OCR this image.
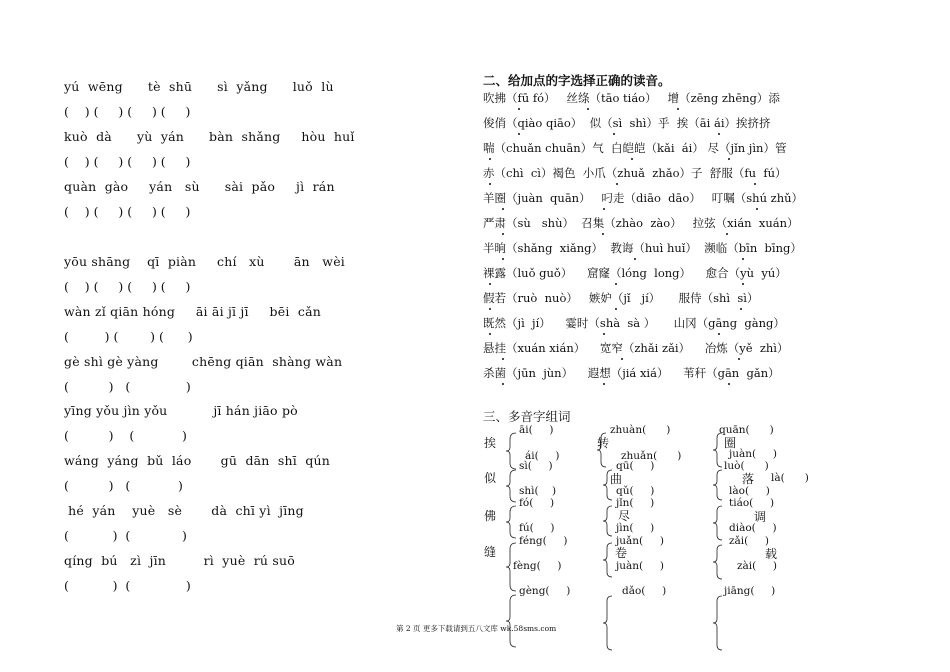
yú  wēng      tè  shū      sì  yǎng      luǒ  lù
(    ) (     ) (     ) (     )
kuò  dà      yù  yán      bàn  shǎng     hòu  huǐ
(    ) (     ) (     ) (     )
quàn  gào     yán   sù      sài  pǎo     jì  rán
(    ) (     ) (     ) (     )
yōu shāng    qī  piàn     chí   xù       ān   wèi
(    ) (     ) (     ) (     )
wàn zǐ qiān hóng     āi āi jī jī     bēi  cǎn
(         ) (        ) (      )
gè shì gè yàng        chēng qiān  shàng wàn
(          )   (              )
yīng yǒu jìn yǒu           jī hán jiāo pò
(          )    (            )
wáng  yáng  bǔ  láo       gū  dān  shī  qún
(          )   (            )
hé  yán    yuè   sè       dà  chī yì  jīng
(           )  (             )
qíng  bú   zì  jīn         rì  yuè  rú suō
(           )  (              )
二、给加点的字选择正确的读音。
吹拂（fū fó）   丝绦（tāo tiáo）   增（zēng zhēng）添
俊俏（qiào qiāo）  似（sì  shì）乎  挨（āi ái）挨挤挤
喘（chuǎn chuān）气  白皑皑（kǎi  ái） 尽（jǐn jìn）管
赤（chì  cì）褐色  小爪（zhuǎ  zhǎo）子  舒服（fu  fú）
羊圈（juàn  quān）   叼走（diāo  dāo）   叮嘱（shú zhǔ）
严肃（sù   shù）  召集（zhào  zào）   拉弦（xián  xuán）
半晌（shǎng  xiǎng）  教诲（huì huǐ）  濒临（bīn  bīng）
裸露（luǒ guǒ）    窟窿（lóng  long）    愈合（yù  yú）
假若（ruò  nuò）   嫉妒（jǐ   jí）     服侍（shì  sì）
既然（jì  jí）    霎时（shà  sà ）     山冈（gāng  gàng）
悬挂（xuán xián）    宽窄（zhǎi zǎi）    冶炼（yě  zhì）
杀菌（jūn  jùn）    遐想（jiá xiá）    苇秆（gān  gǎn）
三、多音字组词
挨
似
佛
缝
转
曲
尽
卷
圈
落
调
载
āi(     )
ái(     )
sì(     )
shì(    )
fó(     )
fú(     )
féng(     )
fèng(     )
gèng(     )
zhuàn(      )
zhuǎn(      )
qū(     )
qǔ(     )
jǐn(     )
jìn(     )
juǎn(     )
juàn(     )
dǎo(     )
quān(      )
juàn(     )
luò(      )
là(      )
lào(     )
tiáo(     )
diào(     )
zǎi(     )
zài(     )
jiāng(     )
第 2 页 更多下载请到五八文库 wk.58sms.com
